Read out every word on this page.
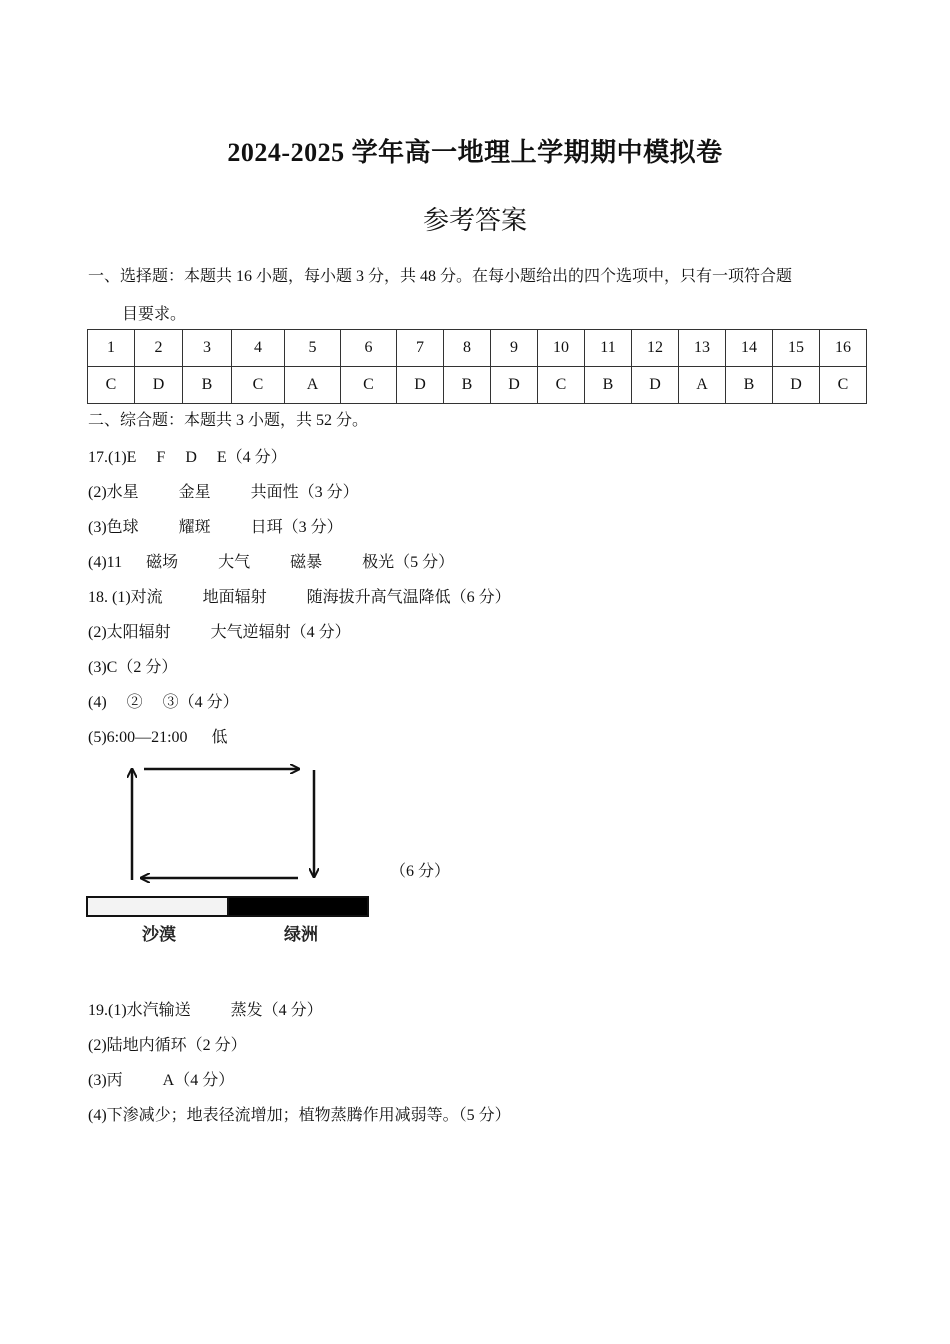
2024-2025 学年高一地理上学期期中模拟卷
参考答案
一、选择题：本题共 16 小题，每小题 3 分，共 48 分。在每小题给出的四个选项中，只有一项符合题
目要求。
1	2	3	4	5	6	7	8	9	10	11	12	13	14	15	16
C	D	B	C	A	C	D	B	D	C	B	D	A	B	D	C
二、综合题：本题共 3 小题，共 52 分。
17.(1)E     F     D     E（4 分）
(2)水星          金星          共面性（3 分）
(3)色球          耀斑          日珥（3 分）
(4)11      磁场          大气          磁暴          极光（5 分）
18. (1)对流          地面辐射          随海拔升高气温降低（6 分）
(2)太阳辐射          大气逆辐射（4 分）
(3)C（2 分）
(4)     ②     ③（4 分）
(5)6:00—21:00      低
沙漠	绿洲
（6 分）
19.(1)水汽输送          蒸发（4 分）
(2)陆地内循环（2 分）
(3)丙          A（4 分）
(4)下渗减少；地表径流增加；植物蒸腾作用减弱等。（5 分）
